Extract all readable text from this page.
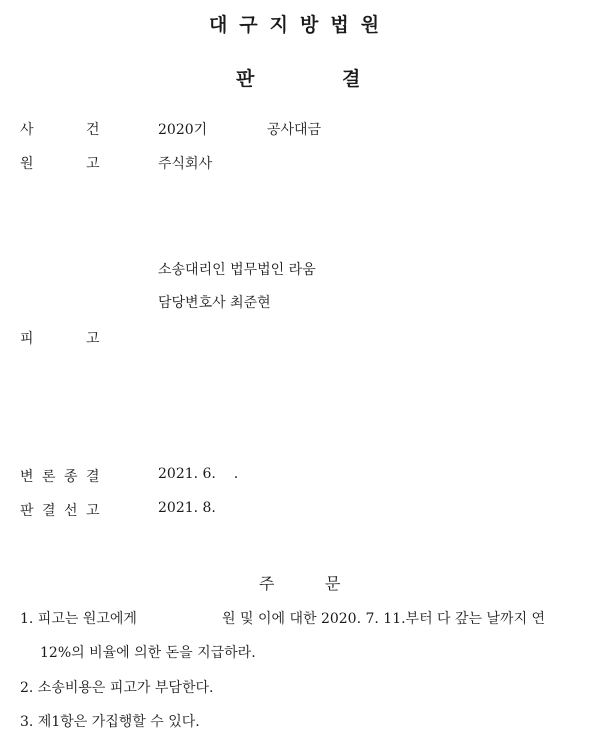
대구지방법원
판	결
사	건	2020기	공사대금
원	고	주식회사
소송대리인 법무법인 라움
담당변호사 최준현
피	고
변 론 종 결	2021. 6.    .
판 결 선 고	2021. 8.
주	문
1. 피고는 원고에게	원 및 이에 대한 2020. 7. 11.부터 다 갚는 날까지 연
12%의 비율에 의한 돈을 지급하라.
2. 소송비용은 피고가 부담한다.
3. 제1항은 가집행할 수 있다.
